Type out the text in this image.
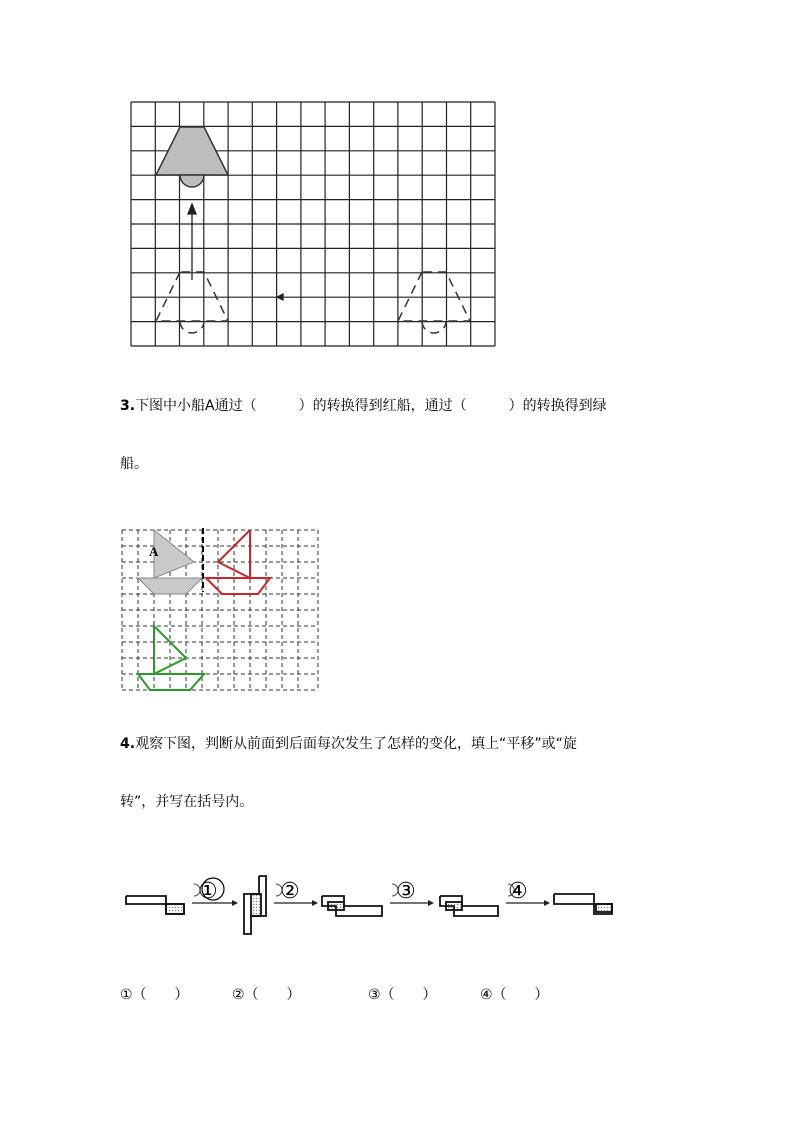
3.下图中小船A通过（　　　）的转换得到红船，通过（　　　）的转换得到绿
船。
A
4.观察下图，判断从前面到后面每次发生了怎样的变化，填上“平移”或“旋
转”，并写在括号内。
①	②	③	④
①（　　）	②（　　）	③（　　）	④（　　）
